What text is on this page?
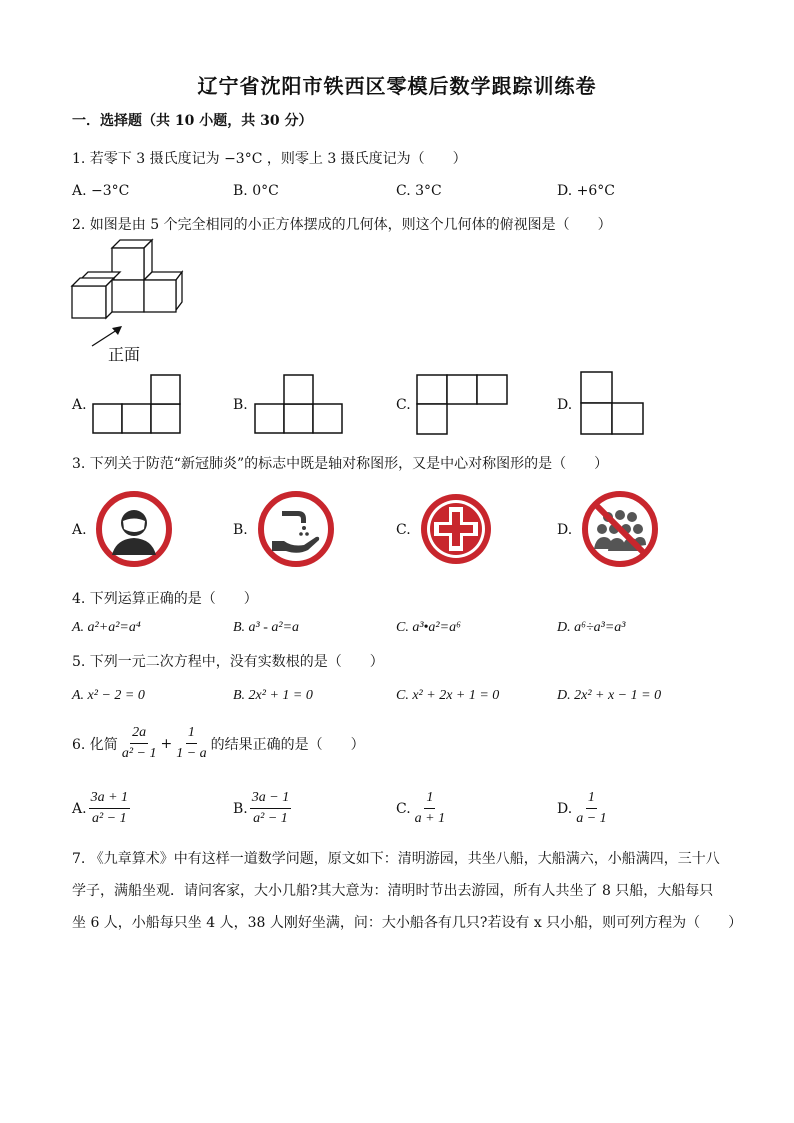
辽宁省沈阳市铁西区零模后数学跟踪训练卷
一．选择题（共 10 小题，共 30 分）
1. 若零下 3 摄氏度记为 −3°C ，则零上 3 摄氏度记为（　　）
A. −3°C	B. 0°C	C. 3°C	D. +6°C
2. 如图是由 5 个完全相同的小正方体摆成的几何体，则这个几何体的俯视图是（　　）
正面
A.	B.	C.	D.
3. 下列关于防范“新冠肺炎”的标志中既是轴对称图形，又是中心对称图形的是（　　）
A.	B.	C.	D.
4. 下列运算正确的是（　　）
A. a²+a²=a⁴	B. a³ - a²=a	C. a³•a²=a⁶	D. a⁶÷a³=a³
5. 下列一元二次方程中，没有实数根的是（　　）
A. x² − 2 = 0	B. 2x² + 1 = 0	C. x² + 2x + 1 = 0	D. 2x² + x − 1 = 0
6. 化简 $\frac{2a}{\text{a² − 1}} + \frac{1}{1 - a}$ 的结果正确的是（　　）
A. $\frac{3a + 1}{\text{a² − 1}}$	B. $\frac{3a - 1}{\text{a² − 1}}$	C. $\frac{1}{a + 1}$	D. $\frac{1}{a - 1}$
7. 《九章算术》中有这样一道数学问题，原文如下：清明游园，共坐八船，大船满六，小船满四，三十八
学子，满船坐观．请问客家，大小几船?其大意为：清明时节出去游园，所有人共坐了 8 只船，大船每只
坐 6 人，小船每只坐 4 人，38 人刚好坐满，问：大小船各有几只?若设有 x 只小船，则可列方程为（　　）
